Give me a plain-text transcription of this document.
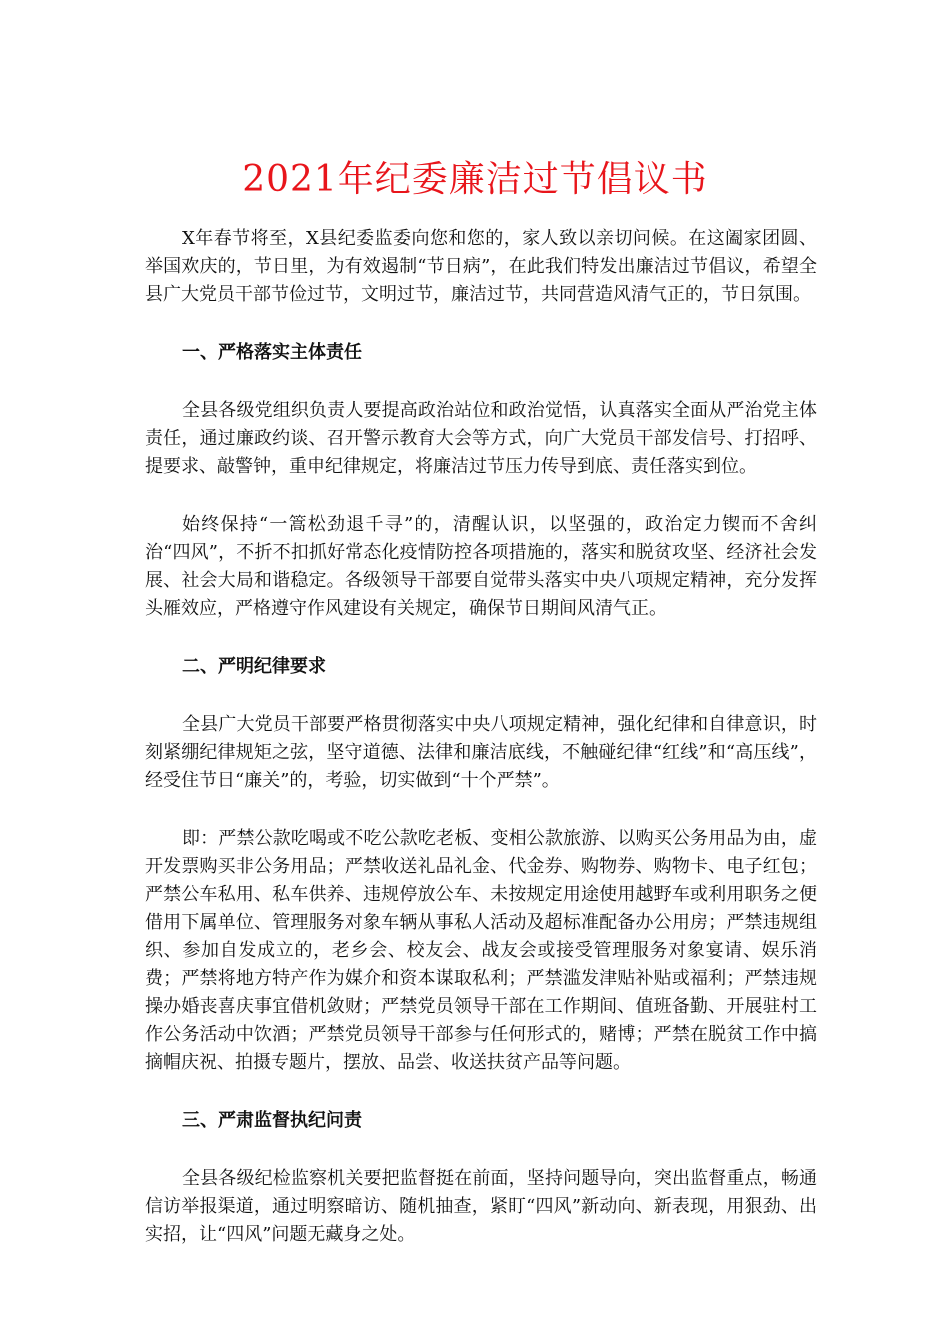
2021年纪委廉洁过节倡议书

X年春节将至，X县纪委监委向您和您的，家人致以亲切问候。在这阖家团圆、举国欢庆的，节日里，为有效遏制“节日病”，在此我们特发出廉洁过节倡议，希望全县广大党员干部节俭过节，文明过节，廉洁过节，共同营造风清气正的，节日氛围。

一、严格落实主体责任

全县各级党组织负责人要提高政治站位和政治觉悟，认真落实全面从严治党主体责任，通过廉政约谈、召开警示教育大会等方式，向广大党员干部发信号、打招呼、提要求、敲警钟，重申纪律规定，将廉洁过节压力传导到底、责任落实到位。

始终保持“一篙松劲退千寻”的，清醒认识，以坚强的，政治定力锲而不舍纠治“四风”，不折不扣抓好常态化疫情防控各项措施的，落实和脱贫攻坚、经济社会发展、社会大局和谐稳定。各级领导干部要自觉带头落实中央八项规定精神，充分发挥头雁效应，严格遵守作风建设有关规定，确保节日期间风清气正。

二、严明纪律要求

全县广大党员干部要严格贯彻落实中央八项规定精神，强化纪律和自律意识，时刻紧绷纪律规矩之弦，坚守道德、法律和廉洁底线，不触碰纪律“红线”和“高压线”，经受住节日“廉关”的，考验，切实做到“十个严禁”。

即：严禁公款吃喝或不吃公款吃老板、变相公款旅游、以购买公务用品为由，虚开发票购买非公务用品；严禁收送礼品礼金、代金券、购物券、购物卡、电子红包；严禁公车私用、私车供养、违规停放公车、未按规定用途使用越野车或利用职务之便借用下属单位、管理服务对象车辆从事私人活动及超标准配备办公用房；严禁违规组织、参加自发成立的，老乡会、校友会、战友会或接受管理服务对象宴请、娱乐消费；严禁将地方特产作为媒介和资本谋取私利；严禁滥发津贴补贴或福利；严禁违规操办婚丧喜庆事宜借机敛财；严禁党员领导干部在工作期间、值班备勤、开展驻村工作公务活动中饮酒；严禁党员领导干部参与任何形式的，赌博；严禁在脱贫工作中搞摘帽庆祝、拍摄专题片，摆放、品尝、收送扶贫产品等问题。

三、严肃监督执纪问责

全县各级纪检监察机关要把监督挺在前面，坚持问题导向，突出监督重点，畅通信访举报渠道，通过明察暗访、随机抽查，紧盯“四风”新动向、新表现，用狠劲、出实招，让“四风”问题无藏身之处。
